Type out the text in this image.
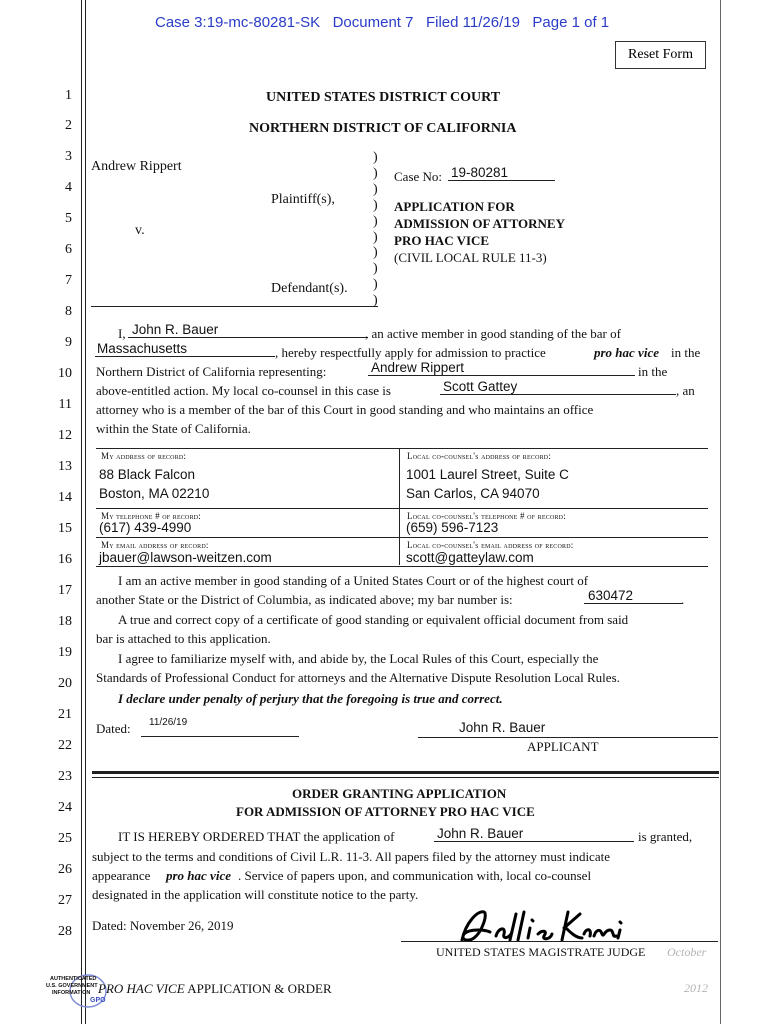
Case 3:19-mc-80281-SK   Document 7   Filed 11/26/19   Page 1 of 1
Reset Form
1
2
3
4
5
6
7
8
9
10
11
12
13
14
15
16
17
18
19
20
21
22
23
24
25
26
27
28
UNITED STATES DISTRICT COURT
NORTHERN DISTRICT OF CALIFORNIA
Andrew Rippert
Plaintiff(s),
v.
Defendant(s).
)
)
)
)
)
)
)
)
)
)
Case No: 19-80281
APPLICATION FOR
ADMISSION OF ATTORNEY
PRO HAC VICE
(CIVIL LOCAL RULE 11-3)
I, John R. Bauer	, an active member in good standing of the bar of
Massachusetts	, hereby respectfully apply for admission to practice	pro hac vice in the
Northern District of California representing:	Andrew Rippert	in the
above-entitled action. My local co-counsel in this case is	Scott Gattey	, an
attorney who is a member of the bar of this Court in good standing and who maintains an office
within the State of California.
My address of record:
88 Black Falcon
Boston, MA 02210
Local co-counsel's address of record:
1001 Laurel Street, Suite C
San Carlos, CA 94070
My telephone # of record:
(617) 439-4990
Local co-counsel's telephone # of record:
(659) 596-7123
My email address of record:
jbauer@lawson-weitzen.com
Local co-counsel's email address of record:
scott@gatteylaw.com
I am an active member in good standing of a United States Court or of the highest court of
another State or the District of Columbia, as indicated above; my bar number is:	630472	.
A true and correct copy of a certificate of good standing or equivalent official document from said
bar is attached to this application.
I agree to familiarize myself with, and abide by, the Local Rules of this Court, especially the
Standards of Professional Conduct for attorneys and the Alternative Dispute Resolution Local Rules.
I declare under penalty of perjury that the foregoing is true and correct.
Dated: 11/26/19	John R. Bauer
APPLICANT
ORDER GRANTING APPLICATION
FOR ADMISSION OF ATTORNEY PRO HAC VICE
IT IS HEREBY ORDERED THAT the application of	John R. Bauer	is granted,
subject to the terms and conditions of Civil L.R. 11-3. All papers filed by the attorney must indicate
appearance pro hac vice . Service of papers upon, and communication with, local co-counsel
designated in the application will constitute notice to the party.
Dated: November 26, 2019
UNITED STATES MAGISTRATE JUDGE October
AUTHENTICATED
U.S. GOVERNMENT
INFORMATION
GPO
PRO HAC VICE APPLICATION & ORDER	2012
